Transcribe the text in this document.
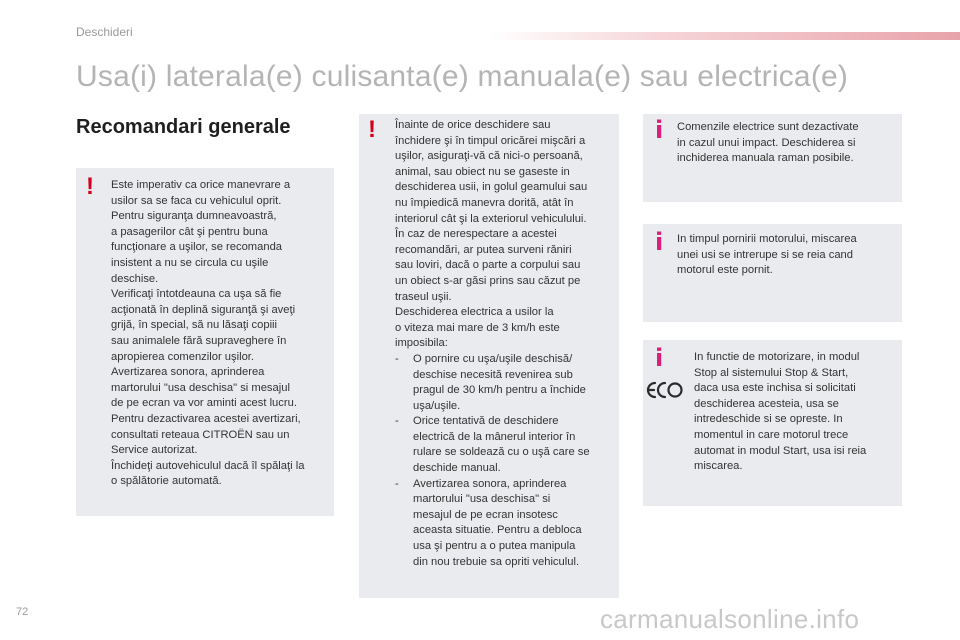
Deschideri
Usa(i) laterala(e) culisanta(e) manuala(e) sau electrica(e)
Recomandari generale
! Este imperativ ca orice manevrare a
usilor sa se faca cu vehiculul oprit.
Pentru siguranţa dumneavoastră,
a pasagerilor cât şi pentru buna
funcţionare a uşilor, se recomanda
insistent a nu se circula cu uşile
deschise.
Verificaţi întotdeauna ca uşa să fie
acţionată în deplină siguranţă şi aveţi
grijă, în special, să nu lăsaţi copiii
sau animalele fără supraveghere în
apropierea comenzilor uşilor.
Avertizarea sonora, aprinderea
martorului "usa deschisa" si mesajul
de pe ecran va vor aminti acest lucru.
Pentru dezactivarea acestei avertizari,
consultati reteaua CITROËN sau un
Service autorizat.
Închideţi autovehiculul dacă îl spălaţi la
o spălătorie automată.
! Înainte de orice deschidere sau
închidere şi în timpul oricărei mişcări a
uşilor, asiguraţi-vă că nici-o persoană,
animal, sau obiect nu se gaseste in
deschiderea usii, in golul geamului sau
nu împiedică manevra dorită, atât în
interiorul cât şi la exteriorul vehiculului.
În caz de nerespectare a acestei
recomandări, ar putea surveni răniri
sau loviri, dacă o parte a corpului sau
un obiect s-ar găsi prins sau căzut pe
traseul uşii.
Deschiderea electrica a usilor la
o viteza mai mare de 3 km/h este
imposibila:
- O pornire cu uşa/uşile deschisă/
deschise necesită revenirea sub
pragul de 30 km/h pentru a închide
uşa/uşile.
- Orice tentativă de deschidere
electrică de la mânerul interior în
rulare se soldează cu o uşă care se
deschide manual.
- Avertizarea sonora, aprinderea
martorului "usa deschisa" si
mesajul de pe ecran insotesc
aceasta situatie. Pentru a debloca
usa şi pentru a o putea manipula
din nou trebuie sa opriti vehiculul.
i Comenzile electrice sunt dezactivate
in cazul unui impact. Deschiderea si
inchiderea manuala raman posibile.
i In timpul pornirii motorului, miscarea
unei usi se intrerupe si se reia cand
motorul este pornit.
i	In functie de motorizare, in modul
Stop al sistemului Stop & Start,
daca usa este inchisa si solicitati
deschiderea acesteia, usa se
intredeschide si se opreste. In
momentul in care motorul trece
automat in modul Start, usa isi reia
miscarea.
72	carmanualsonline.info
